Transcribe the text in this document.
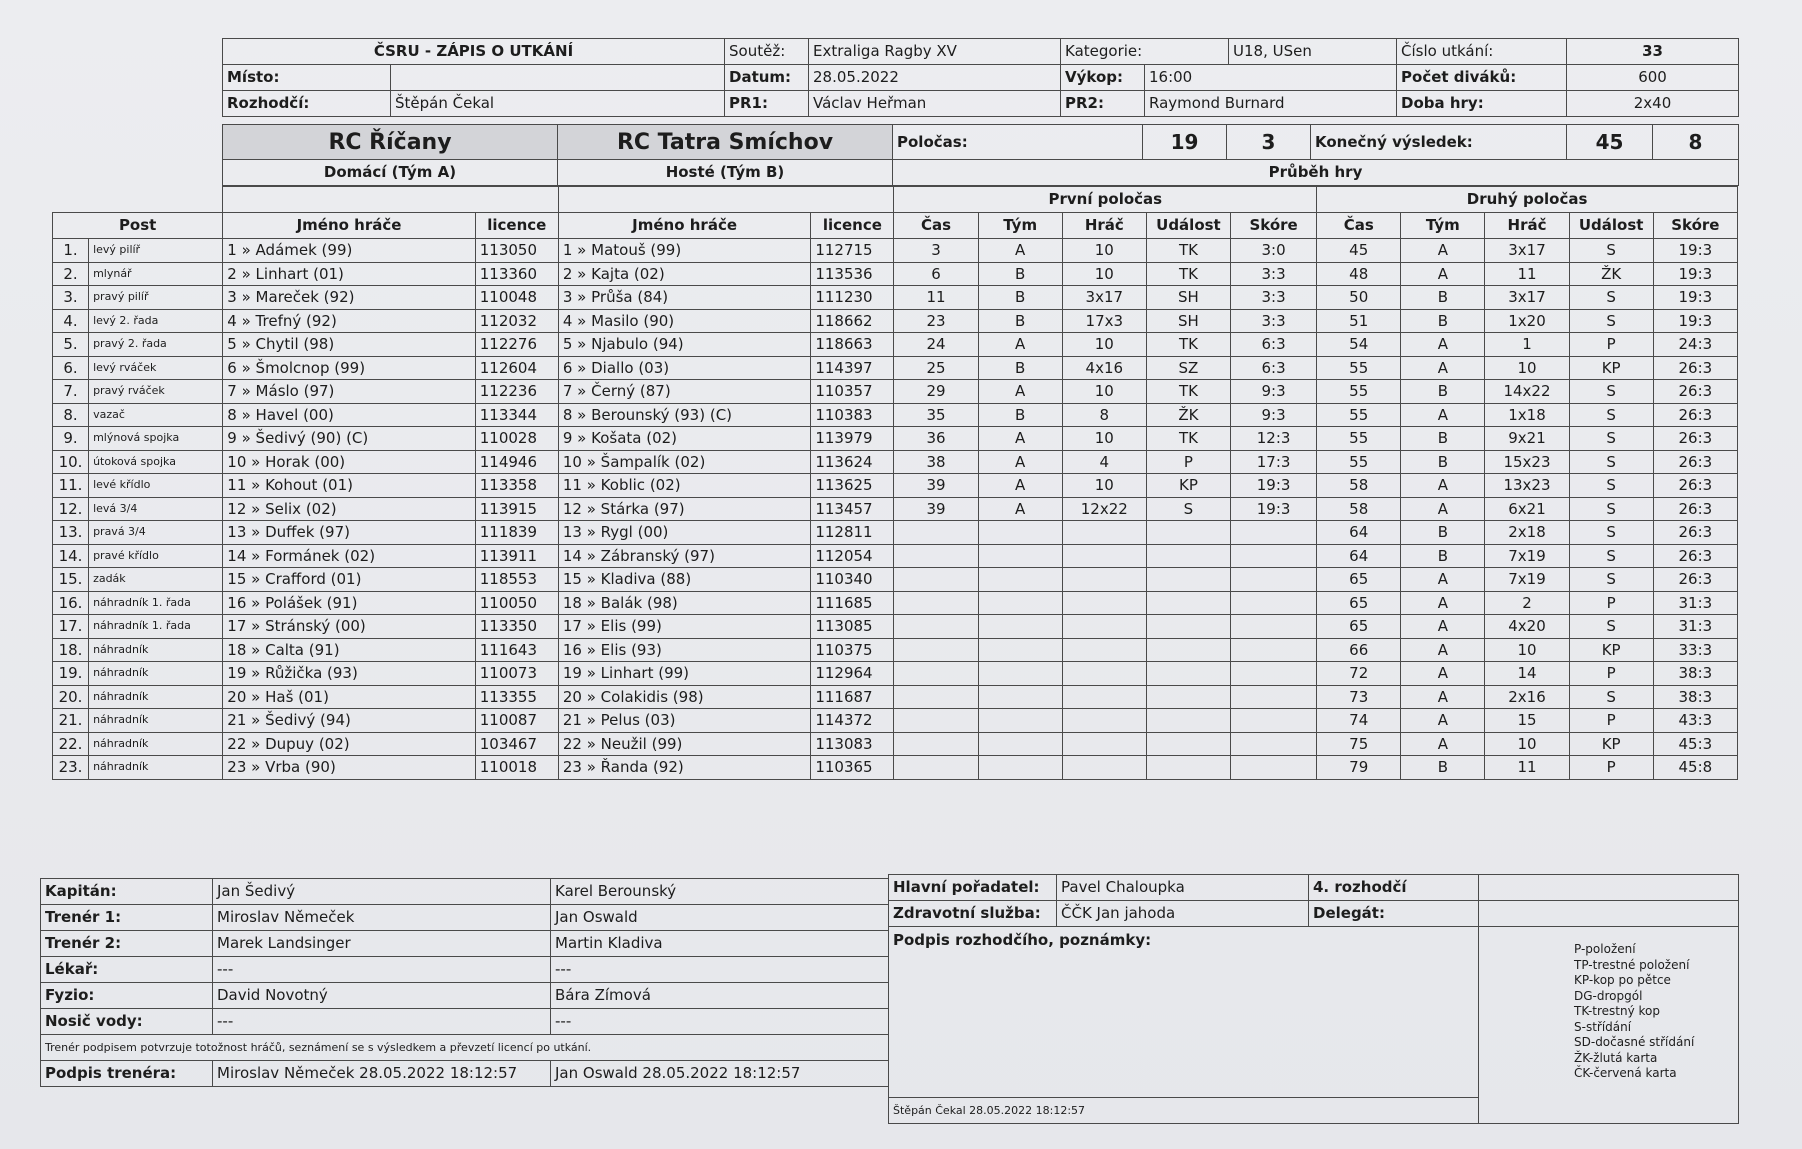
ČSRU - ZÁPIS O UTKÁNÍ		Soutěž:	Extraliga Ragby XV	Kategorie:		U18, USen	Číslo utkání:	33
Místo:		Datum:	28.05.2022	Výkop:	16:00		Počet diváků:	600
Rozhodčí:	Štěpán Čekal	PR1:	Václav Heřman	PR2:	Raymond Burnard		Doba hry:	2x40
RC Říčany	RC Tatra Smíchov	Poločas:	19	3	Konečný výsledek:	45	8
Domácí (Tým A)	Hosté (Tým B)	Průběh hry					
						První poločas					Druhý poločas				
Post		Jméno hráče	licence	Jméno hráče	licence	Čas	Tým	Hráč	Událost	Skóre	Čas	Tým	Hráč	Událost	Skóre
1.	levý pilíř	1 » Adámek (99)	113050	1 » Matouš (99)	112715	3	A	10	TK	3:0	45	A	3x17	S	19:3
2.	mlynář	2 » Linhart (01)	113360	2 » Kajta (02)	113536	6	B	10	TK	3:3	48	A	11	ŽK	19:3
3.	pravý pilíř	3 » Mareček (92)	110048	3 » Průša (84)	111230	11	B	3x17	SH	3:3	50	B	3x17	S	19:3
4.	levý 2. řada	4 » Trefný (92)	112032	4 » Masilo (90)	118662	23	B	17x3	SH	3:3	51	B	1x20	S	19:3
5.	pravý 2. řada	5 » Chytil (98)	112276	5 » Njabulo (94)	118663	24	A	10	TK	6:3	54	A	1	P	24:3
6.	levý rváček	6 » Šmolcnop (99)	112604	6 » Diallo (03)	114397	25	B	4x16	SZ	6:3	55	A	10	KP	26:3
7.	pravý rváček	7 » Máslo (97)	112236	7 » Černý (87)	110357	29	A	10	TK	9:3	55	B	14x22	S	26:3
8.	vazač	8 » Havel (00)	113344	8 » Berounský (93) (C)	110383	35	B	8	ŽK	9:3	55	A	1x18	S	26:3
9.	mlýnová spojka	9 » Šedivý (90) (C)	110028	9 » Košata (02)	113979	36	A	10	TK	12:3	55	B	9x21	S	26:3
10.	útoková spojka	10 » Horak (00)	114946	10 » Šampalík (02)	113624	38	A	4	P	17:3	55	B	15x23	S	26:3
11.	levé křídlo	11 » Kohout (01)	113358	11 » Koblic (02)	113625	39	A	10	KP	19:3	58	A	13x23	S	26:3
12.	levá 3/4	12 » Selix (02)	113915	12 » Stárka (97)	113457	39	A	12x22	S	19:3	58	A	6x21	S	26:3
13.	pravá 3/4	13 » Duffek (97)	111839	13 » Rygl (00)	112811						64	B	2x18	S	26:3
14.	pravé křídlo	14 » Formánek (02)	113911	14 » Zábranský (97)	112054						64	B	7x19	S	26:3
15.	zadák	15 » Crafford (01)	118553	15 » Kladiva (88)	110340						65	A	7x19	S	26:3
16.	náhradník 1. řada	16 » Polášek (91)	110050	18 » Balák (98)	111685						65	A	2	P	31:3
17.	náhradník 1. řada	17 » Stránský (00)	113350	17 » Elis (99)	113085						65	A	4x20	S	31:3
18.	náhradník	18 » Calta (91)	111643	16 » Elis (93)	110375						66	A	10	KP	33:3
19.	náhradník	19 » Růžička (93)	110073	19 » Linhart (99)	112964						72	A	14	P	38:3
20.	náhradník	20 » Haš (01)	113355	20 » Colakidis (98)	111687						73	A	2x16	S	38:3
21.	náhradník	21 » Šedivý (94)	110087	21 » Pelus (03)	114372						74	A	15	P	43:3
22.	náhradník	22 » Dupuy (02)	103467	22 » Neužil (99)	113083						75	A	10	KP	45:3
23.	náhradník	23 » Vrba (90)	110018	23 » Řanda (92)	110365						79	B	11	P	45:8
Kapitán:	Jan Šedivý	Karel Berounský
Trenér 1:	Miroslav Němeček	Jan Oswald
Trenér 2:	Marek Landsinger	Martin Kladiva
Lékař:	---	---
Fyzio:	David Novotný	Bára Zímová
Nosič vody:	---	---
Trenér podpisem potvrzuje totožnost hráčů, seznámení se s výsledkem a převzetí licencí po utkání.		
Podpis trenéra:	Miroslav Němeček 28.05.2022 18:12:57	Jan Oswald 28.05.2022 18:12:57
Hlavní pořadatel:	Pavel Chaloupka	4. rozhodčí	
Zdravotní služba:	ČČK Jan jahoda	Delegát:	
Podpis rozhodčího, poznámky:			
Štěpán Čekal 28.05.2022 18:12:57			
P-položení
TP-trestné položení
KP-kop po pětce
DG-dropgól
TK-trestný kop
S-střídání
SD-dočasné střídání
ŽK-žlutá karta
ČK-červená karta
